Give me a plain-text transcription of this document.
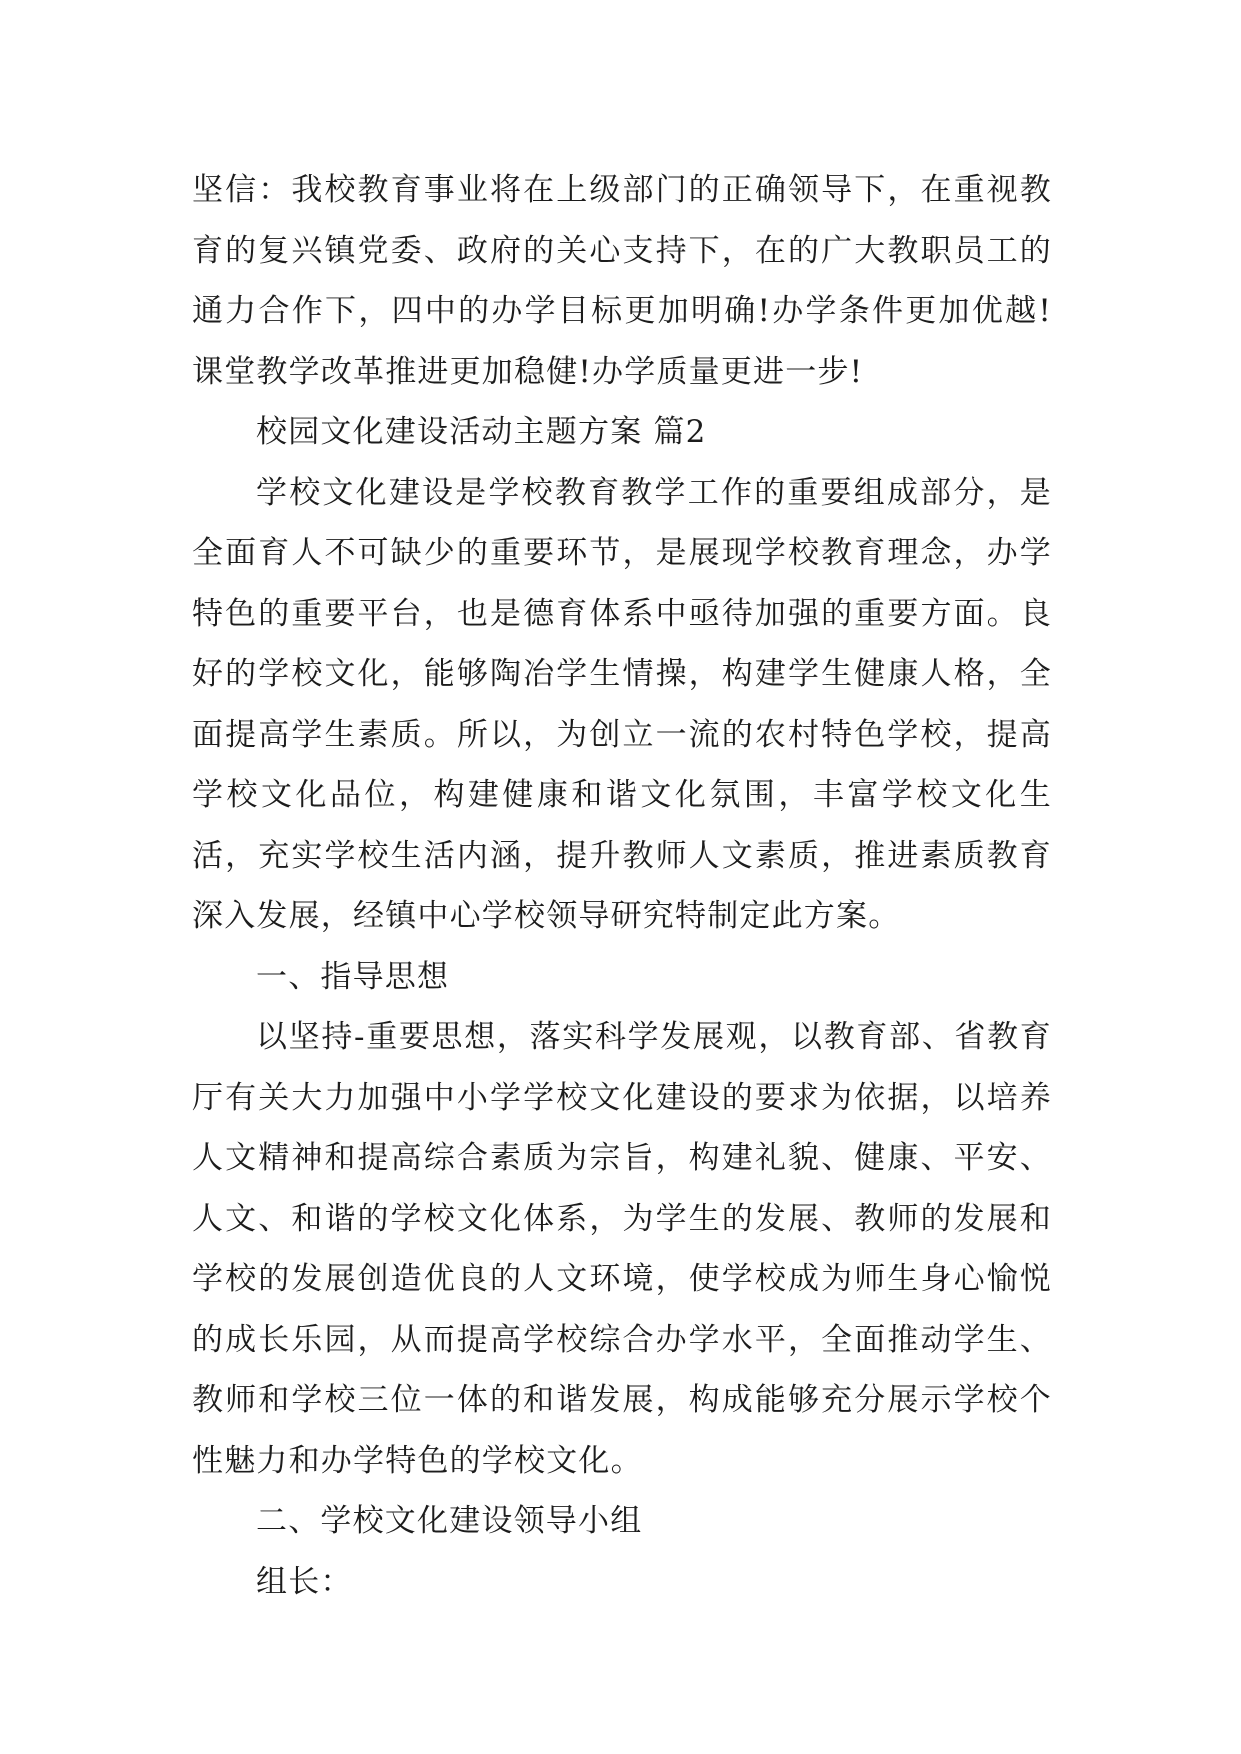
坚信：我校教育事业将在上级部门的正确领导下，在重视教育的复兴镇党委、政府的关心支持下，在的广大教职员工的通力合作下，四中的办学目标更加明确!办学条件更加优越!课堂教学改革推进更加稳健!办学质量更进一步!

校园文化建设活动主题方案 篇2

学校文化建设是学校教育教学工作的重要组成部分，是全面育人不可缺少的重要环节，是展现学校教育理念，办学特色的重要平台，也是德育体系中亟待加强的重要方面。良好的学校文化，能够陶冶学生情操，构建学生健康人格，全面提高学生素质。所以，为创立一流的农村特色学校，提高学校文化品位，构建健康和谐文化氛围，丰富学校文化生活，充实学校生活内涵，提升教师人文素质，推进素质教育深入发展，经镇中心学校领导研究特制定此方案。

一、指导思想

以坚持-重要思想，落实科学发展观，以教育部、省教育厅有关大力加强中小学学校文化建设的要求为依据，以培养人文精神和提高综合素质为宗旨，构建礼貌、健康、平安、人文、和谐的学校文化体系，为学生的发展、教师的发展和学校的发展创造优良的人文环境，使学校成为师生身心愉悦的成长乐园，从而提高学校综合办学水平，全面推动学生、教师和学校三位一体的和谐发展，构成能够充分展示学校个性魅力和办学特色的学校文化。

二、学校文化建设领导小组

组长：
